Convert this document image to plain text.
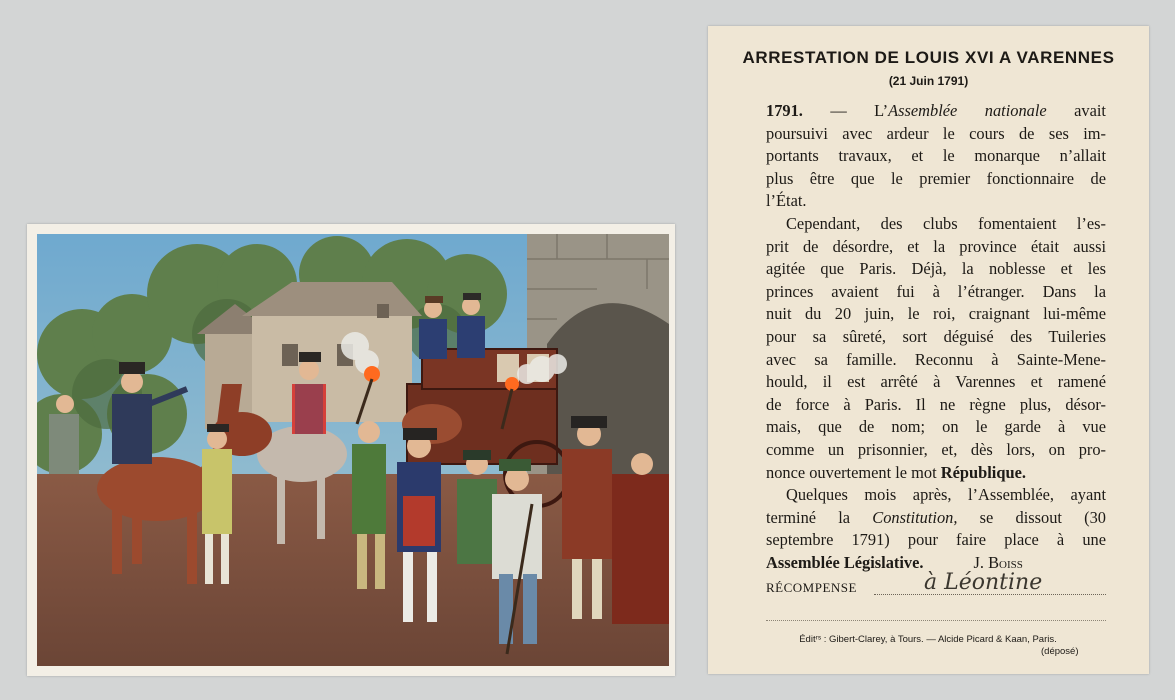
ARRESTATION DE LOUIS XVI A VARENNES
(21 Juin 1791)

1791. — L’Assemblée nationale avait
poursuivi avec ardeur le cours de ses im-
portants travaux, et le monarque n’allait
plus être que le premier fonctionnaire de
l’État.

Cependant, des clubs fomentaient l’es-
prit de désordre, et la province était aussi
agitée que Paris. Déjà, la noblesse et les
princes avaient fui à l’étranger. Dans la
nuit du 20 juin, le roi, craignant lui-même
pour sa sûreté, sort déguisé des Tuileries
avec sa famille. Reconnu à Sainte-Mene-
hould, il est arrêté à Varennes et ramené
de force à Paris. Il ne règne plus, désor-
mais, que de nom; on le garde à vue
comme un prisonnier, et, dès lors, on pro-
nonce ouvertement le mot République.

Quelques mois après, l’Assemblée, ayant
terminé la Constitution, se dissout (30
septembre 1791) pour faire place à une
Assemblée Législative.	J. Boiss

RÉCOMPENSE	à Léontine
Éditʳˢ : Gibert-Clarey, à Tours. — Alcide Picard & Kaan, Paris.
(déposé)
